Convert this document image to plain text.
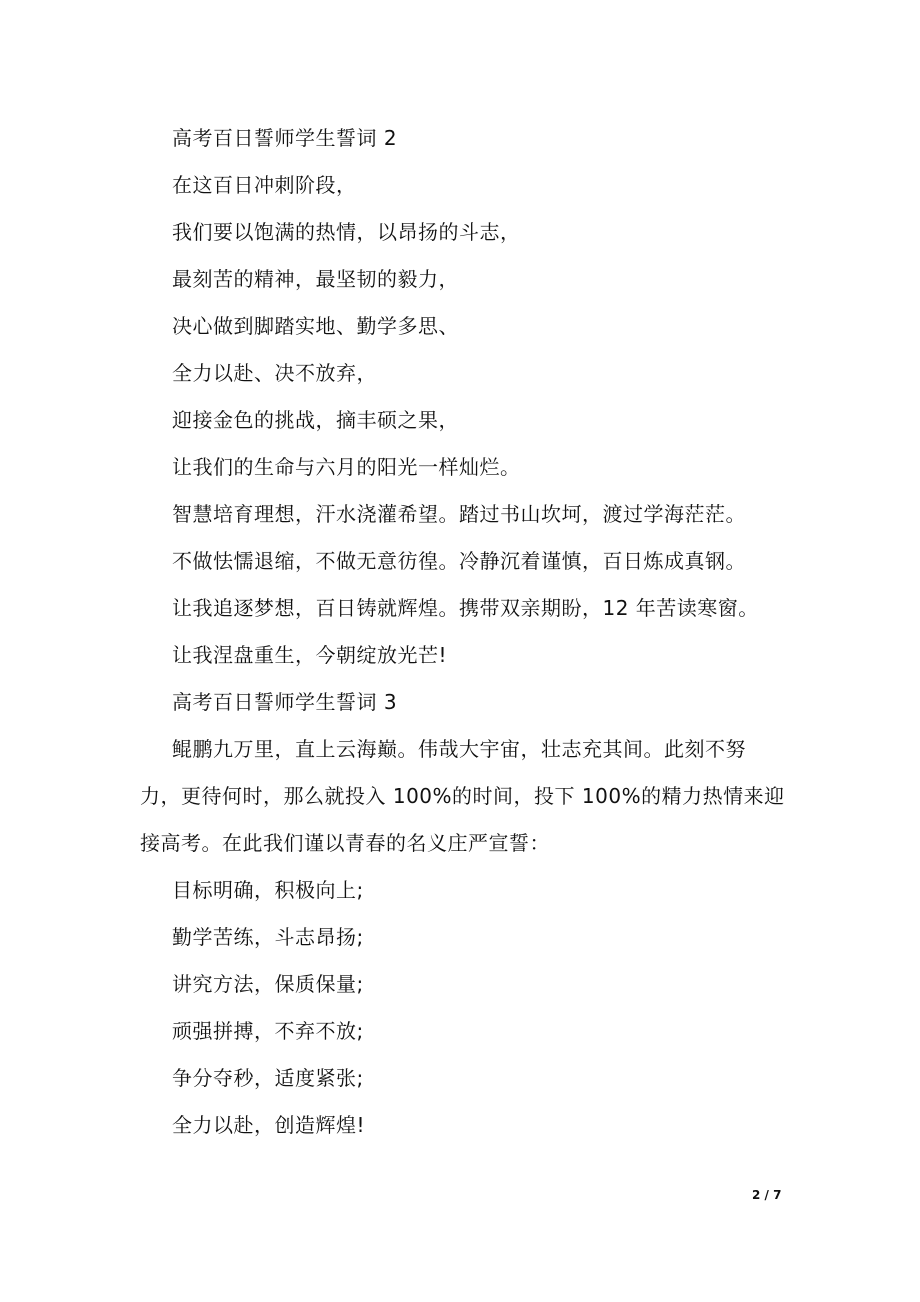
高考百日誓师学生誓词 2
在这百日冲刺阶段，
我们要以饱满的热情，以昂扬的斗志，
最刻苦的精神，最坚韧的毅力，
决心做到脚踏实地、勤学多思、
全力以赴、决不放弃，
迎接金色的挑战，摘丰硕之果，
让我们的生命与六月的阳光一样灿烂。
智慧培育理想，汗水浇灌希望。踏过书山坎坷，渡过学海茫茫。
不做怯懦退缩，不做无意彷徨。冷静沉着谨慎，百日炼成真钢。
让我追逐梦想，百日铸就辉煌。携带双亲期盼，12 年苦读寒窗。
让我涅盘重生，今朝绽放光芒!
高考百日誓师学生誓词 3
鲲鹏九万里，直上云海巅。伟哉大宇宙，壮志充其间。此刻不努
力，更待何时，那么就投入 100%的时间，投下 100%的精力热情来迎
接高考。在此我们谨以青春的名义庄严宣誓：
目标明确，积极向上;
勤学苦练，斗志昂扬;
讲究方法，保质保量;
顽强拼搏，不弃不放;
争分夺秒，适度紧张;
全力以赴，创造辉煌!
2 / 7
